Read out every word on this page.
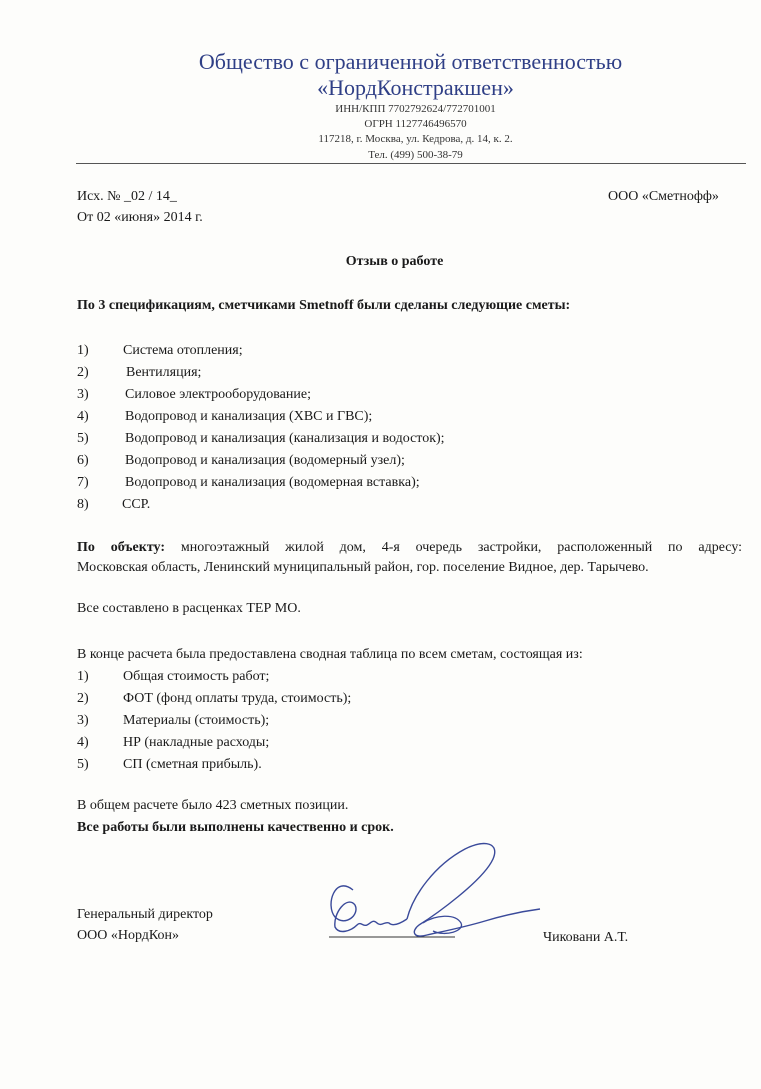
Общество с ограниченной ответственностью
«НордКонстракшен»
ИНН/КПП 7702792624/772701001
ОГРН 1127746496570
117218, г. Москва, ул. Кедрова, д. 14, к. 2.
Тел. (499) 500-38-79
Исх. № _02 / 14_
От 02 «июня» 2014 г.
ООО «Сметнофф»
Отзыв о работе
По 3 спецификациям, сметчиками Smetnoff были сделаны следующие сметы:
1) Система отопления;
2)	Вентиляция;
3)	Силовое электрооборудование;
4)	Водопровод и канализация (ХВС и ГВС);
5)	Водопровод и канализация (канализация и водосток);
6)	Водопровод и канализация (водомерный узел);
7)	Водопровод и канализация (водомерная вставка);
8) ССР.
По объекту: многоэтажный жилой дом, 4-я очередь застройки, расположенный по адресу:
Московская область, Ленинский муниципальный район, гор. поселение Видное, дер. Тарычево.
Все составлено в расценках ТЕР МО.
В конце расчета была предоставлена сводная таблица по всем сметам, состоящая из:
1) Общая стоимость работ;
2) ФОТ (фонд оплаты труда, стоимость);
3) Материалы (стоимость);
4) НР (накладные расходы;
5) СП (сметная прибыль).
В общем расчете было 423 сметных позиции.
Все работы были выполнены качественно и срок.
Генеральный директор
ООО «НордКон»	Чиковани А.Т.
